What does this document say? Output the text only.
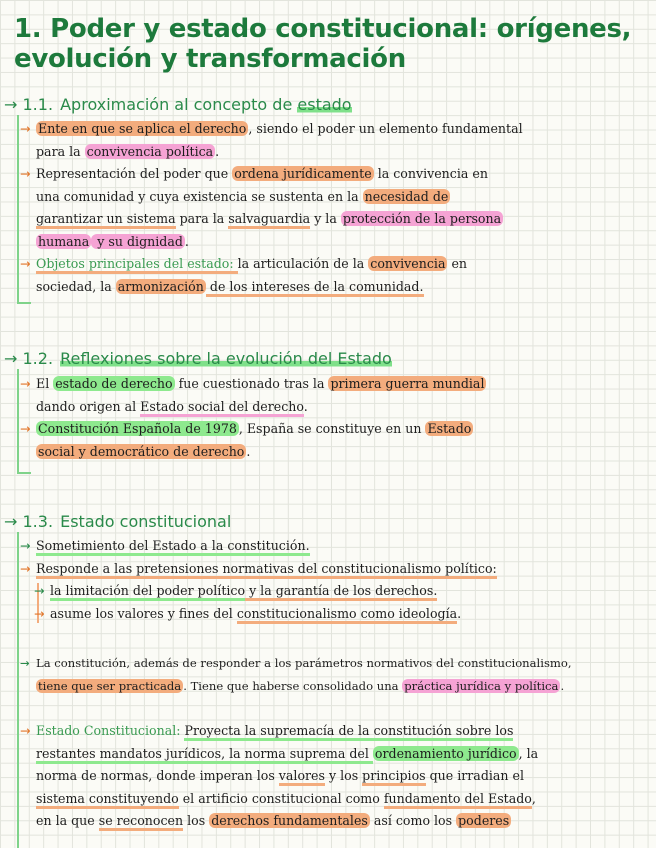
1. Poder y estado constitucional: orígenes, evolución y transformación
→ 1.1. Aproximación al concepto de estado
→ Ente en que se aplica el derecho , siendo el poder un elemento fundamental
para la convivencia política .
→ Representación del poder que ordena jurídicamente la convivencia en
una comunidad y cuya existencia se sustenta en la necesidad de
garantizar un sistema para la salvaguardia y la protección de la persona
humana y su dignidad .
→ Objetos principales del estado: la articulación de la convivencia en
sociedad, la armonización de los intereses de la comunidad.
→ 1.2. Reflexiones sobre la evolución del Estado
→ El estado de derecho fue cuestionado tras la primera guerra mundial
dando origen al Estado social del derecho.
→ Constitución Española de 1978 , España se constituye en un Estado
social y democrático de derecho .
→ 1.3. Estado constitucional
→ Sometimiento del Estado a la constitución.
→ Responde a las pretensiones normativas del constitucionalismo político:
→ la limitación del poder político y la garantía de los derechos.
→ asume los valores y fines del constitucionalismo como ideología.
→ La constitución, además de responder a los parámetros normativos del constitucionalismo,
tiene que ser practicada . Tiene que haberse consolidado una práctica jurídica y política .
→ Estado Constitucional: Proyecta la supremacía de la constitución sobre los
restantes mandatos jurídicos, la norma suprema del ordenamiento jurídico , la
norma de normas, donde imperan los valores y los principios que irradian el
sistema constituyendo el artificio constitucional como fundamento del Estado,
en la que se reconocen los derechos fundamentales así como los poderes
